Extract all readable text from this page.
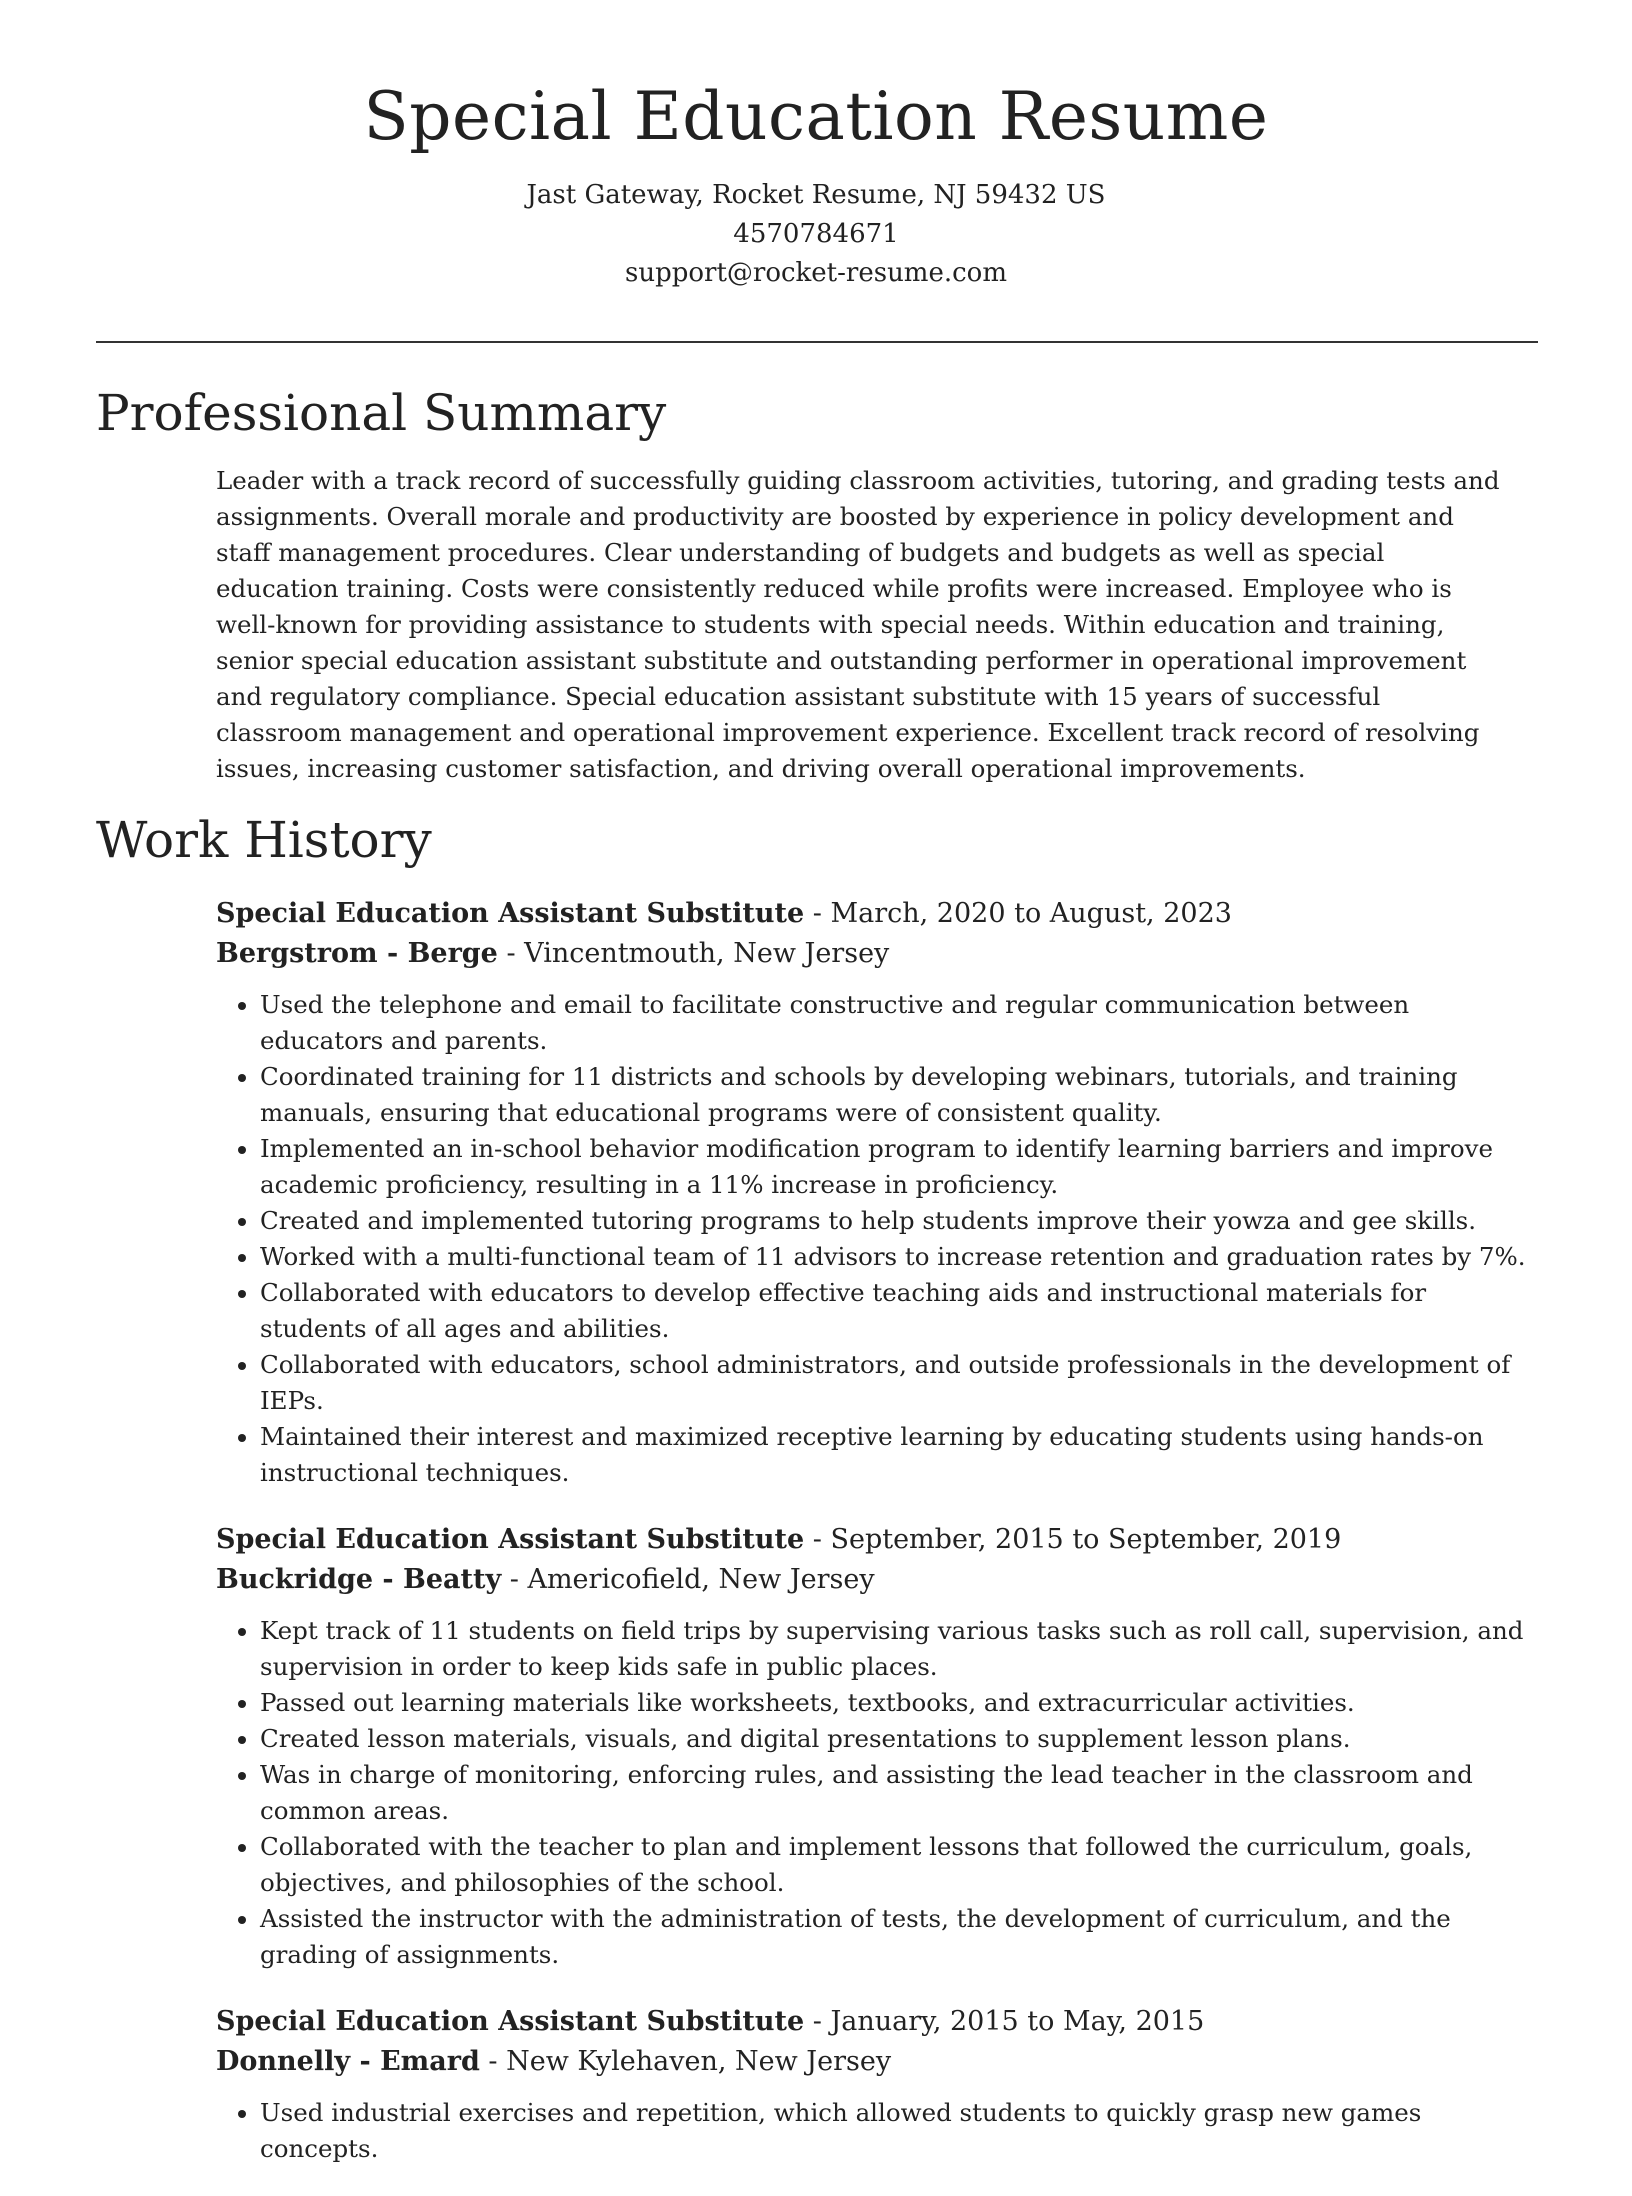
Special Education Resume
Jast Gateway, Rocket Resume, NJ 59432 US
4570784671
support@rocket-resume.com
Professional Summary

Leader with a track record of successfully guiding classroom activities, tutoring, and grading tests and assignments. Overall morale and productivity are boosted by experience in policy development and staff management procedures. Clear understanding of budgets and budgets as well as special education training. Costs were consistently reduced while profits were increased. Employee who is well-known for providing assistance to students with special needs. Within education and training, senior special education assistant substitute and outstanding performer in operational improvement and regulatory compliance. Special education assistant substitute with 15 years of successful classroom management and operational improvement experience. Excellent track record of resolving issues, increasing customer satisfaction, and driving overall operational improvements.

Work History
Special Education Assistant Substitute - March, 2020 to August, 2023
Bergstrom - Berge - Vincentmouth, New Jersey
• Used the telephone and email to facilitate constructive and regular communication between educators and parents.
• Coordinated training for 11 districts and schools by developing webinars, tutorials, and training manuals, ensuring that educational programs were of consistent quality.
• Implemented an in-school behavior modification program to identify learning barriers and improve academic proficiency, resulting in a 11% increase in proficiency.
• Created and implemented tutoring programs to help students improve their yowza and gee skills.
• Worked with a multi-functional team of 11 advisors to increase retention and graduation rates by 7%.
• Collaborated with educators to develop effective teaching aids and instructional materials for students of all ages and abilities.
• Collaborated with educators, school administrators, and outside professionals in the development of IEPs.
• Maintained their interest and maximized receptive learning by educating students using hands-on instructional techniques.
Special Education Assistant Substitute - September, 2015 to September, 2019
Buckridge - Beatty - Americofield, New Jersey
• Kept track of 11 students on field trips by supervising various tasks such as roll call, supervision, and supervision in order to keep kids safe in public places.
• Passed out learning materials like worksheets, textbooks, and extracurricular activities.
• Created lesson materials, visuals, and digital presentations to supplement lesson plans.
• Was in charge of monitoring, enforcing rules, and assisting the lead teacher in the classroom and common areas.
• Collaborated with the teacher to plan and implement lessons that followed the curriculum, goals, objectives, and philosophies of the school.
• Assisted the instructor with the administration of tests, the development of curriculum, and the grading of assignments.
Special Education Assistant Substitute - January, 2015 to May, 2015
Donnelly - Emard - New Kylehaven, New Jersey
• Used industrial exercises and repetition, which allowed students to quickly grasp new games concepts.
